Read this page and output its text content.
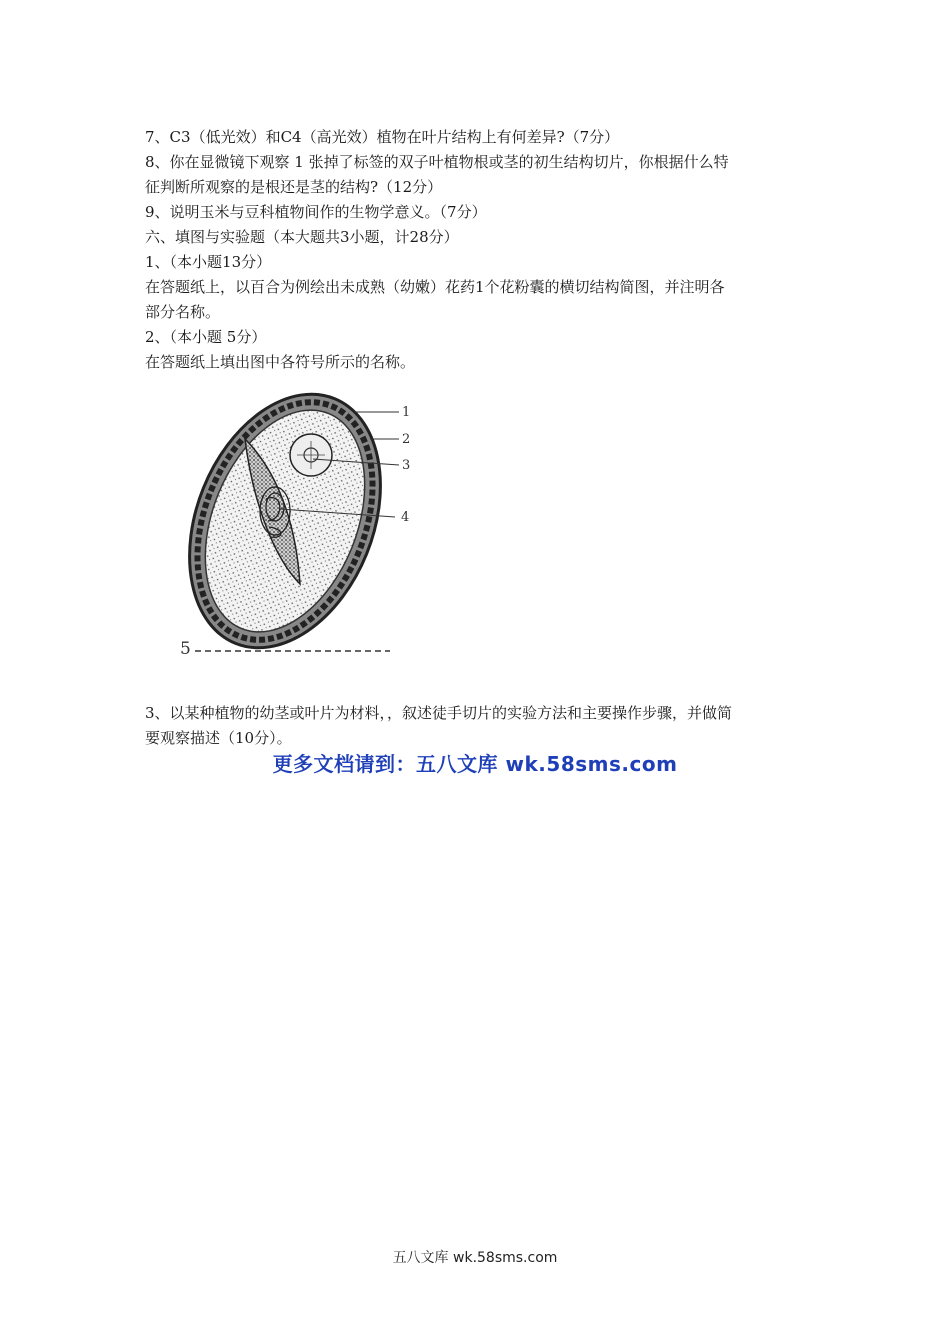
7、C3（低光效）和C4（高光效）植物在叶片结构上有何差异?（7分）
8、你在显微镜下观察 1 张掉了标签的双子叶植物根或茎的初生结构切片，你根据什么特
征判断所观察的是根还是茎的结构?（12分）
9、说明玉米与豆科植物间作的生物学意义。（7分）
六、填图与实验题（本大题共3小题，计28分）
1、（本小题13分）
在答题纸上，以百合为例绘出未成熟（幼嫩）花药1个花粉囊的横切结构简图，并注明各
部分名称。
2、（本小题 5分）
在答题纸上填出图中各符号所示的名称。
1
2
3
4
5
3、以某种植物的幼茎或叶片为材料，，叙述徒手切片的实验方法和主要操作步骤，并做简
要观察描述（10分）。
更多文档请到：五八文库 wk.58sms.com
五八文库 wk.58sms.com
